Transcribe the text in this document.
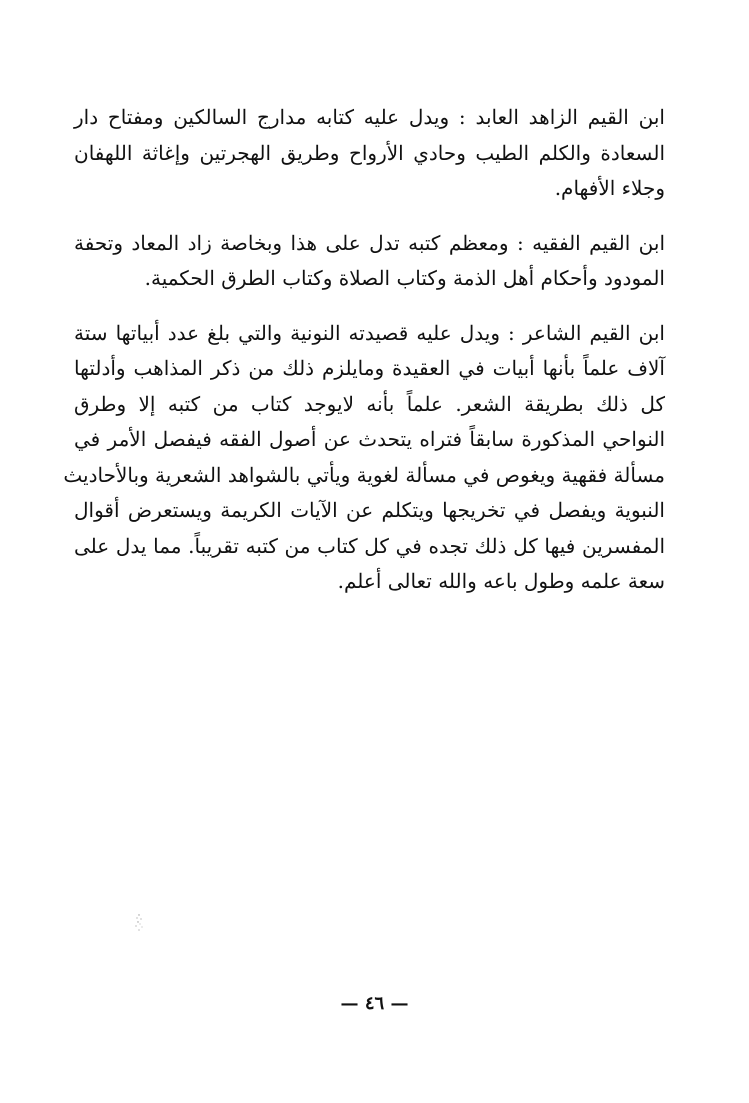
ابن القيم الزاهد العابد : ويدل عليه كتابه مدارج السالكين ومفتاح دار
السعادة والكلم الطيب وحادي الأرواح وطريق الهجرتين وإغاثة اللهفان
وجلاء الأفهام.

ابن القيم الفقيه : ومعظم كتبه تدل على هذا وبخاصة زاد المعاد وتحفة
المودود وأحكام أهل الذمة وكتاب الصلاة وكتاب الطرق الحكمية.

ابن القيم الشاعر : ويدل عليه قصيدته النونية والتي بلغ عدد أبياتها ستة
آلاف علماً بأنها أبيات في العقيدة ومايلزم ذلك من ذكر المذاهب وأدلتها
كل ذلك بطريقة الشعر. علماً بأنه لايوجد كتاب من كتبه إلا وطرق
النواحي المذكورة سابقاً فتراه يتحدث عن أصول الفقه فيفصل الأمر في
مسألة فقهية ويغوص في مسألة لغوية ويأتي بالشواهد الشعرية وبالأحاديث
النبوية ويفصل في تخريجها ويتكلم عن الآيات الكريمة ويستعرض أقوال
المفسرين فيها كل ذلك تجده في كل كتاب من كتبه تقريباً. مما يدل على
سعة علمه وطول باعه والله تعالى أعلم.

— ٤٦ —
